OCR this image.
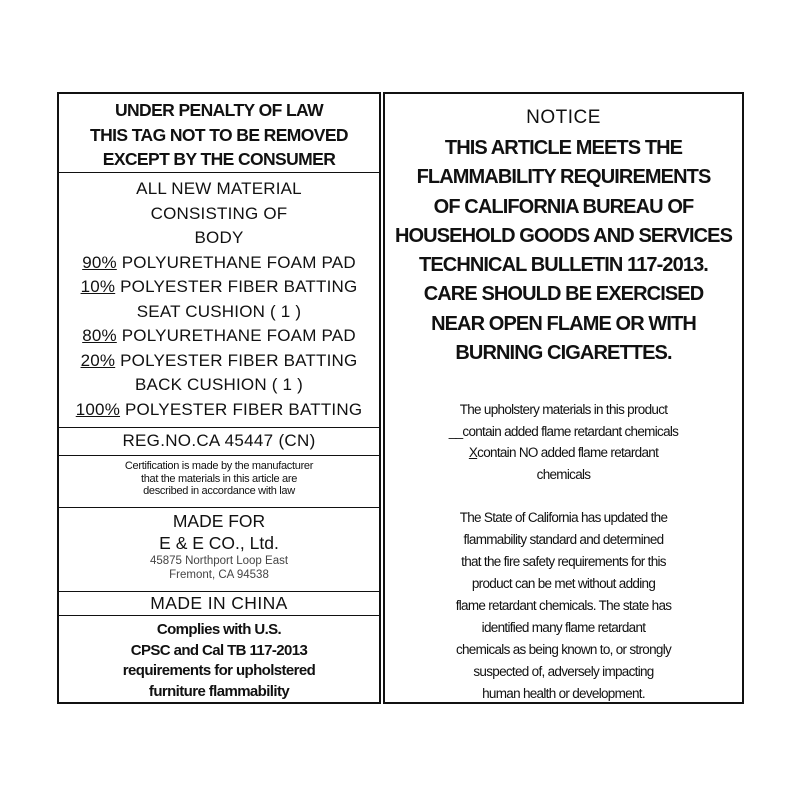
UNDER PENALTY OF LAW
THIS TAG NOT TO BE REMOVED
EXCEPT BY THE CONSUMER
ALL NEW MATERIAL
CONSISTING OF
BODY
90% POLYURETHANE FOAM PAD
10% POLYESTER FIBER BATTING
SEAT CUSHION ( 1 )
80% POLYURETHANE FOAM PAD
20% POLYESTER FIBER BATTING
BACK CUSHION ( 1 )
100% POLYESTER FIBER BATTING
REG.NO.CA 45447 (CN)
Certification is made by the manufacturer
that the materials in this article are
described in accordance with law
MADE FOR
E & E CO., Ltd.
45875 Northport Loop East
Fremont, CA 94538
MADE IN CHINA
Complies with U.S.
CPSC and Cal TB 117-2013
requirements for upholstered
furniture flammability
NOTICE
THIS ARTICLE MEETS THE
FLAMMABILITY REQUIREMENTS
OF CALIFORNIA BUREAU OF
HOUSEHOLD GOODS AND SERVICES
TECHNICAL BULLETIN 117-2013.
CARE SHOULD BE EXERCISED
NEAR OPEN FLAME OR WITH
BURNING CIGARETTES.
The upholstery materials in this product
__contain added flame retardant chemicals
Xcontain NO added flame retardant
chemicals
The State of California has updated the
flammability standard and determined
that the fire safety requirements for this
product can be met without adding
flame retardant chemicals. The state has
identified many flame retardant
chemicals as being known to, or strongly
suspected of, adversely impacting
human health or development.
